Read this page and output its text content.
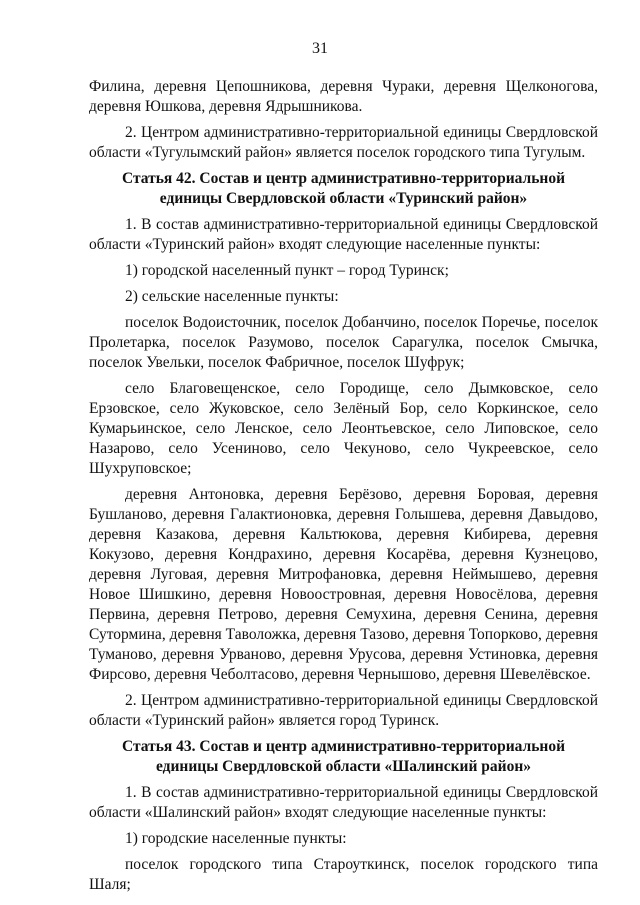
31

Филина, деревня Цепошникова, деревня Чураки, деревня Щелконогова, деревня Юшкова, деревня Ядрышникова.

2. Центром административно-территориальной единицы Свердловской области «Тугулымский район» является поселок городского типа Тугулым.

Статья 42. Состав и центр административно-территориальной единицы Свердловской области «Туринский район»

1. В состав административно-территориальной единицы Свердловской области «Туринский район» входят следующие населенные пункты:

1) городской населенный пункт – город Туринск;

2) сельские населенные пункты:

поселок Водоисточник, поселок Добанчино, поселок Поречье, поселок Пролетарка, поселок Разумово, поселок Сарагулка, поселок Смычка, поселок Увельки, поселок Фабричное, поселок Шуфрук;

село Благовещенское, село Городище, село Дымковское, село Ерзовское, село Жуковское, село Зелёный Бор, село Коркинское, село Кумарьинское, село Ленское, село Леонтьевское, село Липовское, село Назарово, село Усениново, село Чекуново, село Чукреевское, село Шухруповское;

деревня Антоновка, деревня Берёзово, деревня Боровая, деревня Бушланово, деревня Галактионовка, деревня Голышева, деревня Давыдово, деревня Казакова, деревня Кальтюкова, деревня Кибирева, деревня Кокузово, деревня Кондрахино, деревня Косарёва, деревня Кузнецово, деревня Луговая, деревня Митрофановка, деревня Неймышево, деревня Новое Шишкино, деревня Новоостровная, деревня Новосёлова, деревня Первина, деревня Петрово, деревня Семухина, деревня Сенина, деревня Сутормина, деревня Таволожка, деревня Тазово, деревня Топорково, деревня Туманово, деревня Урваново, деревня Урусова, деревня Устиновка, деревня Фирсово, деревня Чеболтасово, деревня Чернышово, деревня Шевелёвское.

2. Центром административно-территориальной единицы Свердловской области «Туринский район» является город Туринск.

Статья 43. Состав и центр административно-территориальной единицы Свердловской области «Шалинский район»

1. В состав административно-территориальной единицы Свердловской области «Шалинский район» входят следующие населенные пункты:

1) городские населенные пункты:

поселок городского типа Староуткинск, поселок городского типа Шаля;
